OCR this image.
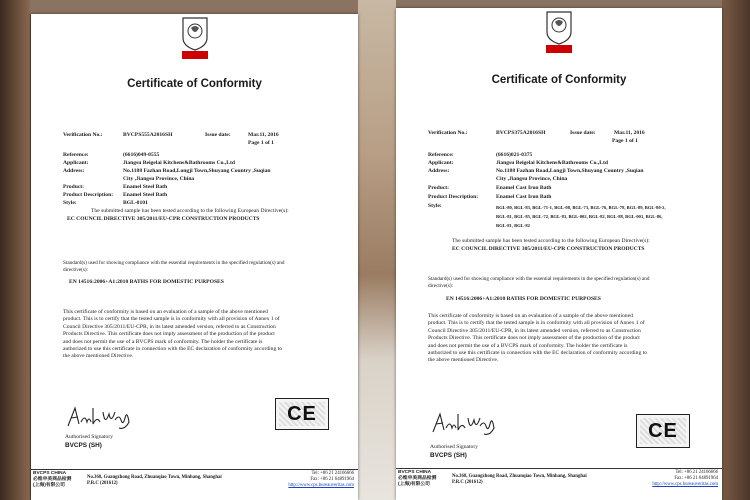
Certificate of Conformity
Verification No.:	BVCPS555A2016SH	Issue date:	Mar.11, 2016
Page 1 of 1
Reference:	(6616)049-0555
Applicant:	Jiangsu Beigelai Kitchens&Bathrooms Co.,Ltd
Address:	No.1188 Fazhan Road,Longji Town,Shuyang Country ,Suqian
City ,Jiangsu Province, China
Product:	Enamel Steel Bath
Product Description: Enamel Steel Bath
Style:	BGL-0101
The submitted sample has been tested according to the following European Directive(s):
EC COUNCIL DIRECTIVE 305/2011/EU-CPR CONSTRUCTION PRODUCTS
Standard(s) used for showing compliance with the essential requirements in the specified regulation(s) and
directive(s):
EN 14516:2006+A1:2010 BATHS FOR DOMESTIC PURPOSES
This certificate of conformity is based on an evaluation of a sample of the above mentioned
product. This is to certify that the tested sample is in conformity with all provision of Annex 1 of
Council Directive 305/2011/EU-CPR, in its latest amended version, referred to as Construction
Products Directive. This certificate does not imply assessment of the production of the product
and does not permit the use of a BVCPS mark of conformity. The holder the certificate is
authorized to use this certificate in connection with the EC declaration of conformity according to
the above mentioned Directive.
Authorised Signatory
BVCPS (SH)
CE
BVCPS CHINA
必维申美商品检测
(上海)有限公司
No.368, Guangzhong Road, Zhuanqiao Town, Minhang, Shanghai
P.R.C (201612)
Tel: +86 21 24166666
Fax: +86 21 64891964
http://www.cps.bureauveritas.com
Certificate of Conformity
Verification No.:	BVCPS375A2016SH	Issue date:	Mar.11, 2016
Page 1 of 1
Reference:	(6616)021-0375
Applicant:	Jiangsu Beigelai Kitchens&Bathrooms Co.,Ltd
Address:	No.1188 Fazhan Road,Longji Town,Shuyang Country ,Suqian
City ,Jiangsu Province, China
Product:	Enamel Cast Iron Bath
Product Description:	Enamel Cast Iron Bath
Style:	BGL-80, BGL-83, BGL-71-1, BGL-08, BGL-73, BGL-76, BGL-78, BGL-89, BGL-80-2,
BGL-81, BGL-85, BGL-72, BGL-83, BGL-002, BGL-82, BGL-88, BGL-001, BGL-86,
BGL-81, BGL-82
The submitted sample has been tested according to the following European Directive(s):
EC COUNCIL DIRECTIVE 305/2011/EU-CPR CONSTRUCTION PRODUCTS
Standard(s) used for showing compliance with the essential requirements in the specified regulation(s) and
directive(s):
EN 14516:2006+A1:2010 BATHS FOR DOMESTIC PURPOSES
This certificate of conformity is based on an evaluation of a sample of the above mentioned
product. This is to certify that the tested sample is in conformity with all provision of Annex 1 of
Council Directive 305/2011/EU-CPR, in its latest amended version, referred to as Construction
Products Directive. This certificate does not imply assessment of the production of the product
and does not permit the use of a BVCPS mark of conformity. The holder the certificate is
authorized to use this certificate in connection with the EC declaration of conformity according to
the above mentioned Directive.
Authorised Signatory
BVCPS (SH)
CE
BVCPS CHINA
必维申美商品检测
(上海)有限公司
No.368, Guangzhong Road, Zhuanqiao Town, Minhang, Shanghai
P.R.C (201612)
Tel: +86 21 24166666
Fax: +86 21 64891964
http://www.cps.bureauveritas.com
